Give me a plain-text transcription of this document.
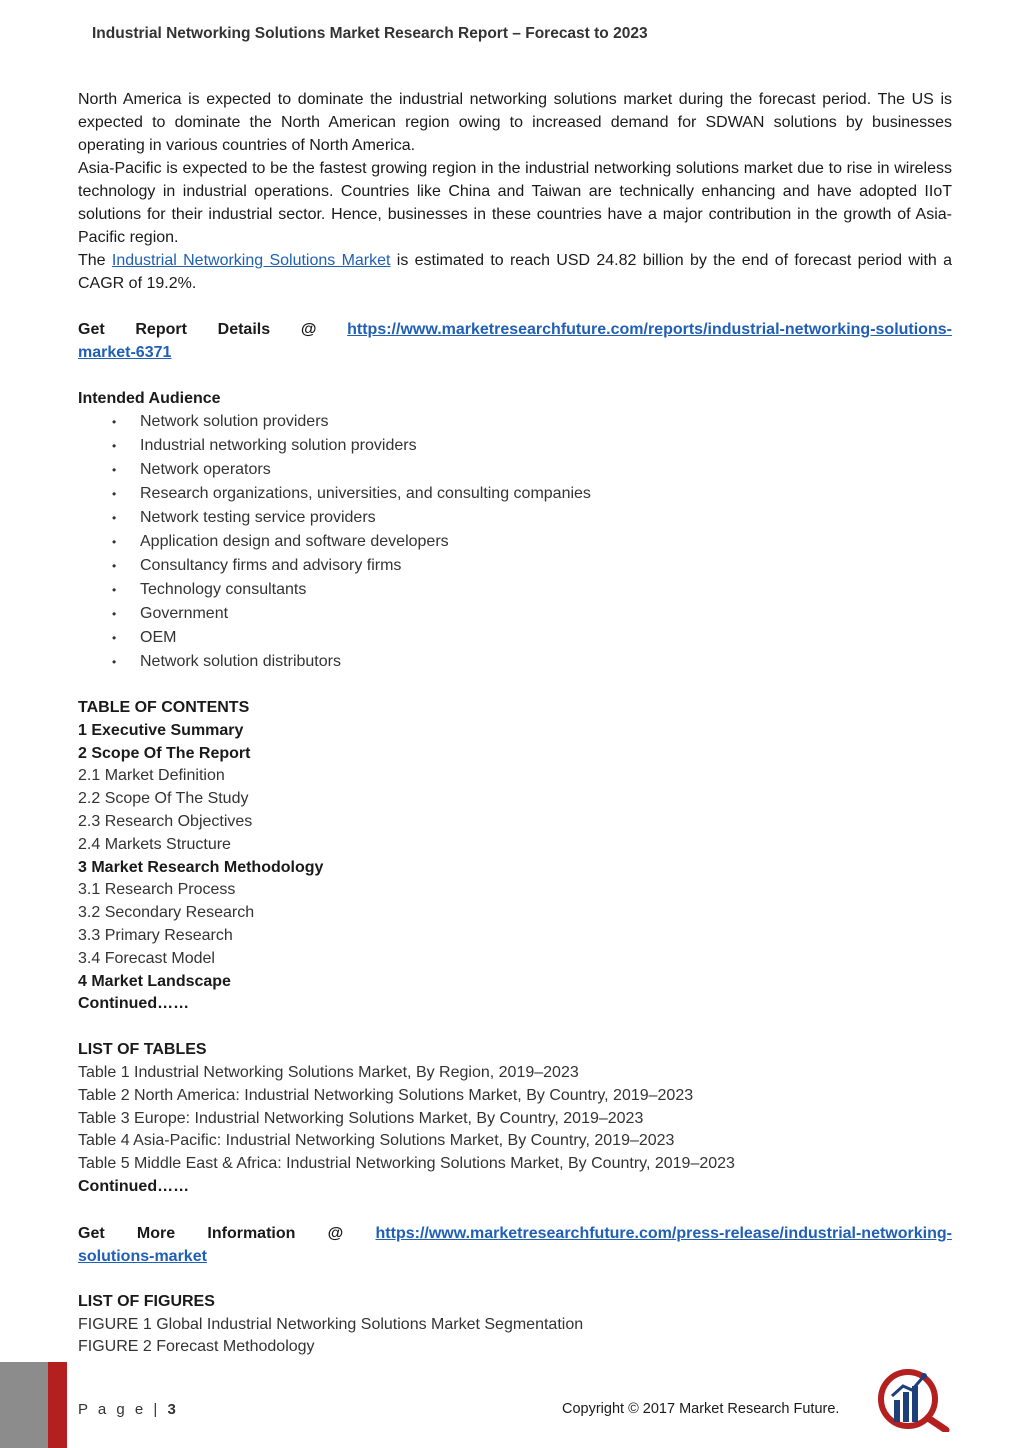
Industrial Networking Solutions Market Research Report – Forecast to 2023

North America is expected to dominate the industrial networking solutions market during the forecast period. The US is expected to dominate the North American region owing to increased demand for SDWAN solutions by businesses operating in various countries of North America.

Asia-Pacific is expected to be the fastest growing region in the industrial networking solutions market due to rise in wireless technology in industrial operations. Countries like China and Taiwan are technically enhancing and have adopted IIoT solutions for their industrial sector. Hence, businesses in these countries have a major contribution in the growth of Asia-Pacific region.

The Industrial Networking Solutions Market is estimated to reach USD 24.82 billion by the end of forecast period with a CAGR of 19.2%.

Get Report Details @ https://www.marketresearchfuture.com/reports/industrial-networking-solutions-
market-6371
Intended Audience
• Network solution providers
• Industrial networking solution providers
• Network operators
• Research organizations, universities, and consulting companies
• Network testing service providers
• Application design and software developers
• Consultancy firms and advisory firms
• Technology consultants
• Government
• OEM
• Network solution distributors
TABLE OF CONTENTS
1 Executive Summary
2 Scope Of The Report
2.1 Market Definition
2.2 Scope Of The Study
2.3 Research Objectives
2.4 Markets Structure
3 Market Research Methodology
3.1 Research Process
3.2 Secondary Research
3.3 Primary Research
3.4 Forecast Model
4 Market Landscape
Continued……
LIST OF TABLES
Table 1 Industrial Networking Solutions Market, By Region, 2019–2023
Table 2 North America: Industrial Networking Solutions Market, By Country, 2019–2023
Table 3 Europe: Industrial Networking Solutions Market, By Country, 2019–2023
Table 4 Asia-Pacific: Industrial Networking Solutions Market, By Country, 2019–2023
Table 5 Middle East & Africa: Industrial Networking Solutions Market, By Country, 2019–2023
Continued……
Get More Information @ https://www.marketresearchfuture.com/press-release/industrial-networking-
solutions-market
LIST OF FIGURES
FIGURE 1 Global Industrial Networking Solutions Market Segmentation
FIGURE 2 Forecast Methodology
P a g e | 3	Copyright © 2017 Market Research Future.
